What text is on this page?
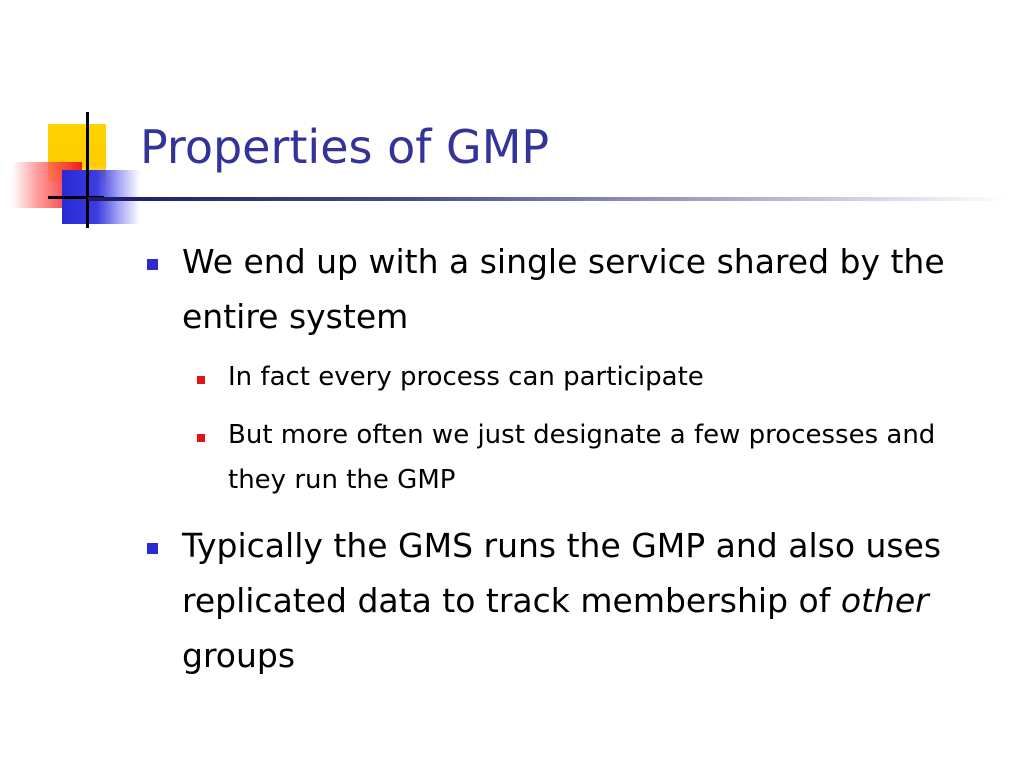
Properties of GMP
We end up with a single service shared by the entire system
In fact every process can participate
But more often we just designate a few processes and they run the GMP
Typically the GMS runs the GMP and also uses replicated data to track membership of other groups
